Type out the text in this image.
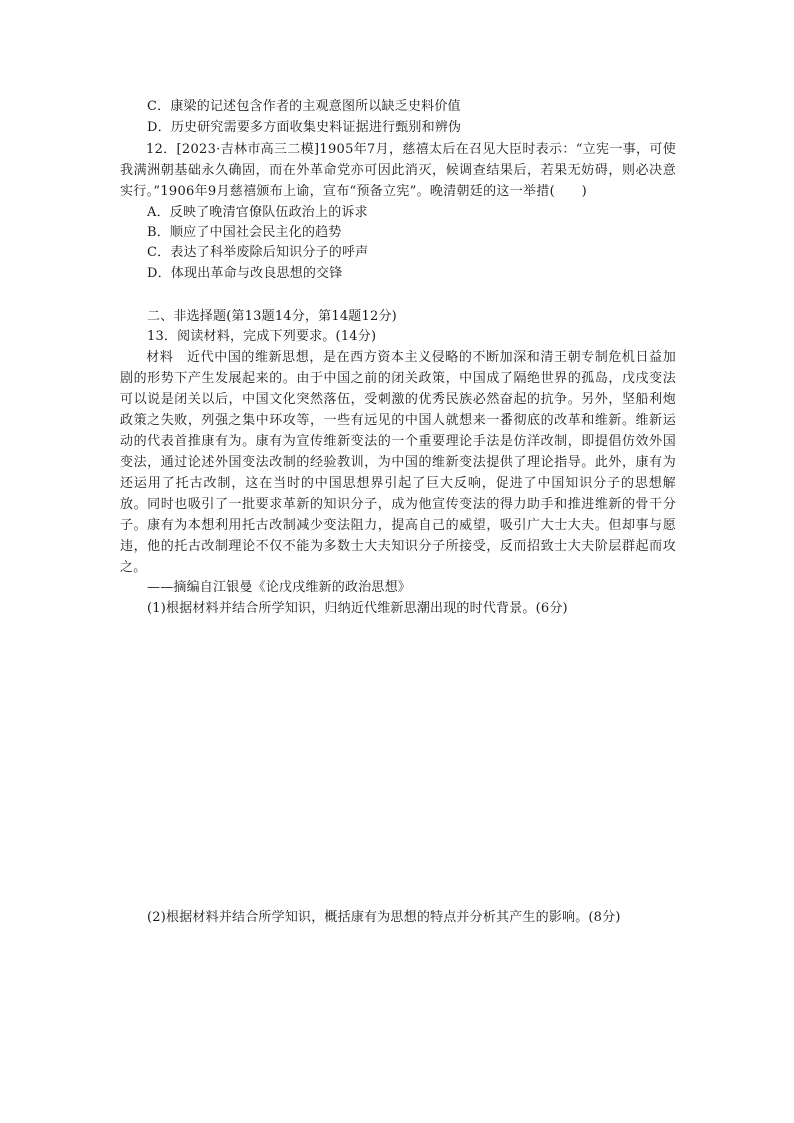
C．康梁的记述包含作者的主观意图所以缺乏史料价值
D．历史研究需要多方面收集史料证据进行甄别和辨伪
12．[2023·吉林市高三二模]1905年7月，慈禧太后在召见大臣时表示：“立宪一事，可使我满洲朝基础永久确固，而在外革命党亦可因此消灭，候调查结果后，若果无妨碍，则必决意实行。”1906年9月慈禧颁布上谕，宣布“预备立宪”。晚清朝廷的这一举措(　　)
A．反映了晚清官僚队伍政治上的诉求
B．顺应了中国社会民主化的趋势
C．表达了科举废除后知识分子的呼声
D．体现出革命与改良思想的交锋
二、非选择题(第13题14分，第14题12分)
13．阅读材料，完成下列要求。(14分)
材料　近代中国的维新思想，是在西方资本主义侵略的不断加深和清王朝专制危机日益加剧的形势下产生发展起来的。由于中国之前的闭关政策，中国成了隔绝世界的孤岛，戊戌变法可以说是闭关以后，中国文化突然落伍，受刺激的优秀民族必然奋起的抗争。另外，坚船利炮政策之失败，列强之集中环攻等，一些有远见的中国人就想来一番彻底的改革和维新。维新运动的代表首推康有为。康有为宣传维新变法的一个重要理论手法是仿洋改制，即提倡仿效外国变法，通过论述外国变法改制的经验教训，为中国的维新变法提供了理论指导。此外，康有为还运用了托古改制，这在当时的中国思想界引起了巨大反响，促进了中国知识分子的思想解放。同时也吸引了一批要求革新的知识分子，成为他宣传变法的得力助手和推进维新的骨干分子。康有为本想利用托古改制减少变法阻力，提高自己的威望，吸引广大士大夫。但却事与愿违，他的托古改制理论不仅不能为多数士大夫知识分子所接受，反而招致士大夫阶层群起而攻之。
——摘编自江银曼《论戊戌维新的政治思想》
(1)根据材料并结合所学知识，归纳近代维新思潮出现的时代背景。(6分)
(2)根据材料并结合所学知识，概括康有为思想的特点并分析其产生的影响。(8分)
